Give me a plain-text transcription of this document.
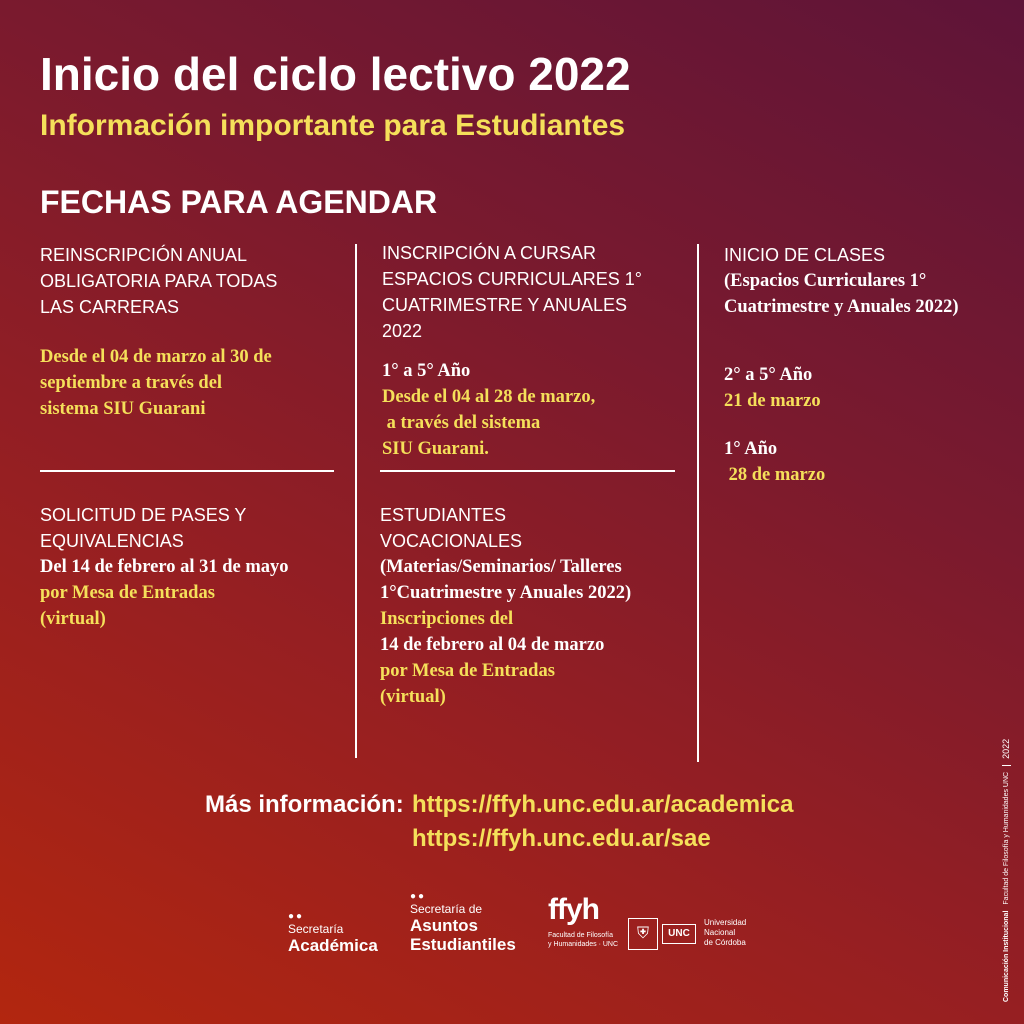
Inicio del ciclo lectivo 2022
Información importante para Estudiantes
FECHAS PARA AGENDAR
REINSCRIPCIÓN ANUAL
OBLIGATORIA PARA TODAS
LAS CARRERAS
Desde el 04 de marzo al 30 de
septiembre a través del
sistema SIU Guarani
SOLICITUD DE PASES Y
EQUIVALENCIAS
Del 14 de febrero al 31 de mayo
por Mesa de Entradas
(virtual)
INSCRIPCIÓN A CURSAR
ESPACIOS CURRICULARES 1°
CUATRIMESTRE Y ANUALES
2022
1° a 5° Año
Desde el 04 al 28 de marzo,
a través del sistema
SIU Guarani.
ESTUDIANTES
VOCACIONALES
(Materias/Seminarios/ Talleres
1°Cuatrimestre y Anuales 2022)
Inscripciones del
14 de febrero al 04 de marzo
por Mesa de Entradas
(virtual)
INICIO DE CLASES
(Espacios Curriculares 1°
Cuatrimestre y Anuales 2022)
2° a 5° Año
21 de marzo
1° Año
28 de marzo
Más información: https://ffyh.unc.edu.ar/academica
https://ffyh.unc.edu.ar/sae
●●
Secretaría
Académica
●●
Secretaría de
Asuntos
Estudiantiles
ffyh
Facultad de Filosofía
y Humanidades · UNC
⛨	UNC
Universidad
Nacional
de Córdoba	Comunicación Institucional
Facultad de Filosofía y Humanidades UNC
2022
